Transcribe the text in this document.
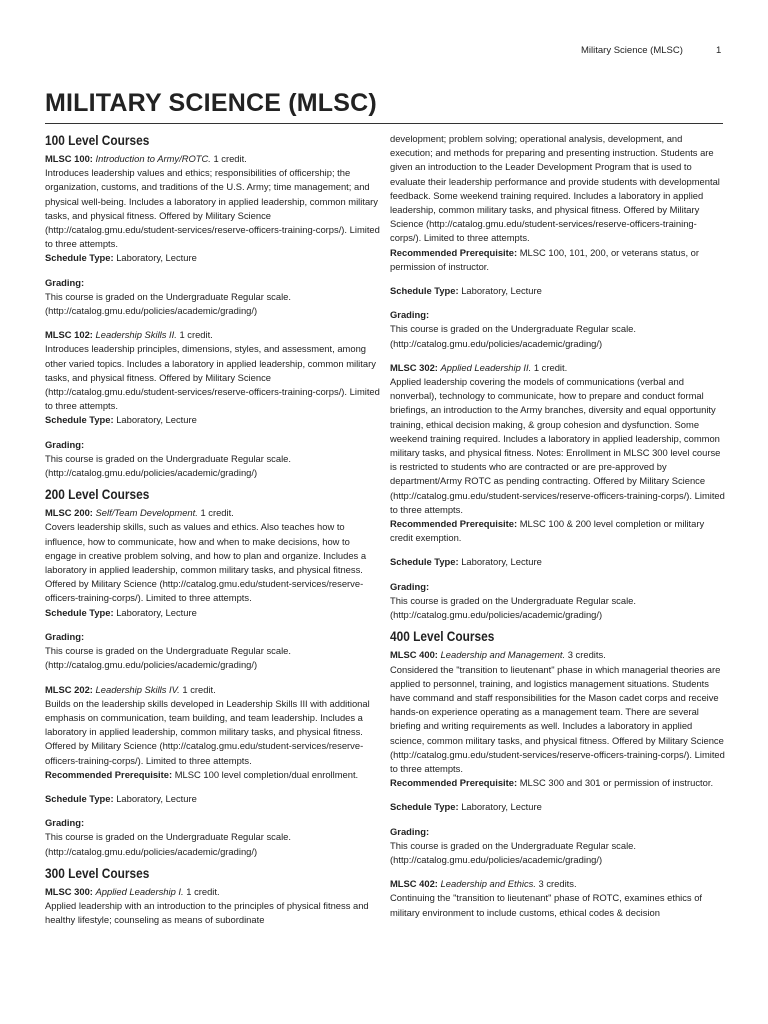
Military Science (MLSC)	1
MILITARY SCIENCE (MLSC)
100 Level Courses

MLSC 100: Introduction to Army/ROTC. 1 credit.

Introduces leadership values and ethics; responsibilities of officership; the organization, customs, and traditions of the U.S. Army; time management; and physical well-being. Includes a laboratory in applied leadership, common military tasks, and physical fitness. Offered by Military Science (http://catalog.gmu.edu/student-services/reserve-officers-training-corps/). Limited to three attempts.

Schedule Type: Laboratory, Lecture

Grading:

This course is graded on the Undergraduate Regular scale. (http://catalog.gmu.edu/policies/academic/grading/)

MLSC 102: Leadership Skills II. 1 credit.

Introduces leadership principles, dimensions, styles, and assessment, among other varied topics. Includes a laboratory in applied leadership, common military tasks, and physical fitness. Offered by Military Science (http://catalog.gmu.edu/student-services/reserve-officers-training-corps/). Limited to three attempts.

Schedule Type: Laboratory, Lecture

Grading:

This course is graded on the Undergraduate Regular scale. (http://catalog.gmu.edu/policies/academic/grading/)

200 Level Courses

MLSC 200: Self/Team Development. 1 credit.

Covers leadership skills, such as values and ethics. Also teaches how to influence, how to communicate, how and when to make decisions, how to engage in creative problem solving, and how to plan and organize. Includes a laboratory in applied leadership, common military tasks, and physical fitness. Offered by Military Science (http://catalog.gmu.edu/student-services/reserve-officers-training-corps/). Limited to three attempts.

Schedule Type: Laboratory, Lecture

Grading:

This course is graded on the Undergraduate Regular scale. (http://catalog.gmu.edu/policies/academic/grading/)

MLSC 202: Leadership Skills IV. 1 credit.

Builds on the leadership skills developed in Leadership Skills III with additional emphasis on communication, team building, and team leadership. Includes a laboratory in applied leadership, common military tasks, and physical fitness. Offered by Military Science (http://catalog.gmu.edu/student-services/reserve-officers-training-corps/). Limited to three attempts.

Recommended Prerequisite: MLSC 100 level completion/dual enrollment.

Schedule Type: Laboratory, Lecture

Grading:

This course is graded on the Undergraduate Regular scale. (http://catalog.gmu.edu/policies/academic/grading/)

300 Level Courses

MLSC 300: Applied Leadership I. 1 credit.

Applied leadership with an introduction to the principles of physical fitness and healthy lifestyle; counseling as means of subordinate

development; problem solving; operational analysis, development, and execution; and methods for preparing and presenting instruction. Students are given an introduction to the Leader Development Program that is used to evaluate their leadership performance and provide students with developmental feedback. Some weekend training required. Includes a laboratory in applied leadership, common military tasks, and physical fitness. Offered by Military Science (http://catalog.gmu.edu/student-services/reserve-officers-training-corps/). Limited to three attempts.

Recommended Prerequisite: MLSC 100, 101, 200, or veterans status, or permission of instructor.

Schedule Type: Laboratory, Lecture

Grading:

This course is graded on the Undergraduate Regular scale. (http://catalog.gmu.edu/policies/academic/grading/)

MLSC 302: Applied Leadership II. 1 credit.

Applied leadership covering the models of communications (verbal and nonverbal), technology to communicate, how to prepare and conduct formal briefings, an introduction to the Army branches, diversity and equal opportunity training, ethical decision making, & group cohesion and dysfunction. Some weekend training required. Includes a laboratory in applied leadership, common military tasks, and physical fitness. Notes: Enrollment in MLSC 300 level course is restricted to students who are contracted or are pre-approved by department/Army ROTC as pending contracting. Offered by Military Science (http://catalog.gmu.edu/student-services/reserve-officers-training-corps/). Limited to three attempts.

Recommended Prerequisite: MLSC 100 & 200 level completion or military credit exemption.

Schedule Type: Laboratory, Lecture

Grading:

This course is graded on the Undergraduate Regular scale. (http://catalog.gmu.edu/policies/academic/grading/)

400 Level Courses

MLSC 400: Leadership and Management. 3 credits.

Considered the "transition to lieutenant" phase in which managerial theories are applied to personnel, training, and logistics management situations. Students have command and staff responsibilities for the Mason cadet corps and receive hands-on experience operating as a management team. There are several briefing and writing requirements as well. Includes a laboratory in applied science, common military tasks, and physical fitness. Offered by Military Science (http://catalog.gmu.edu/student-services/reserve-officers-training-corps/). Limited to three attempts.

Recommended Prerequisite: MLSC 300 and 301 or permission of instructor.

Schedule Type: Laboratory, Lecture

Grading:

This course is graded on the Undergraduate Regular scale. (http://catalog.gmu.edu/policies/academic/grading/)

MLSC 402: Leadership and Ethics. 3 credits.

Continuing the "transition to lieutenant" phase of ROTC, examines ethics of military environment to include customs, ethical codes & decision
